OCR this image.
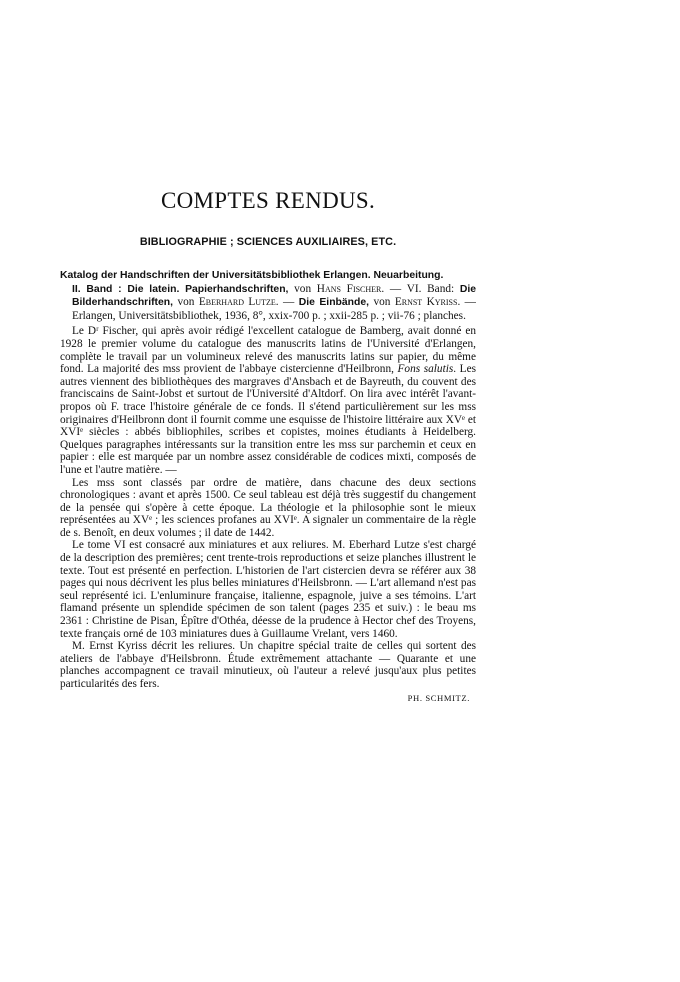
COMPTES RENDUS.
BIBLIOGRAPHIE ; SCIENCES AUXILIAIRES, ETC.

Katalog der Handschriften der Universitätsbibliothek Erlangen. Neuarbeitung.
II. Band : Die latein. Papierhandschriften, von Hans Fischer. — VI. Band: Die Bilderhandschriften, von Eberhard Lutze. — Die Einbände, von Ernst Kyriss. — Erlangen, Universitätsbibliothek, 1936, 8°, xxix-700 p. ; xxii-285 p. ; vii-76 ; planches.

Le Dʳ Fischer, qui après avoir rédigé l'excellent catalogue de Bamberg, avait donné en 1928 le premier volume du catalogue des manuscrits latins de l'Université d'Erlangen, complète le travail par un volumineux relevé des manuscrits latins sur papier, du même fond. La majorité des mss provient de l'abbaye cistercienne d'Heilbronn, Fons salutis. Les autres viennent des bibliothèques des margraves d'Ansbach et de Bayreuth, du couvent des franciscains de Saint-Jobst et surtout de l'Université d'Altdorf. On lira avec intérêt l'avant-propos où F. trace l'histoire générale de ce fonds. Il s'étend particulièrement sur les mss originaires d'Heilbronn dont il fournit comme une esquisse de l'histoire littéraire aux XVᵉ et XVIᵉ siècles : abbés bibliophiles, scribes et copistes, moines étudiants à Heidelberg. Quelques paragraphes intéressants sur la transition entre les mss sur parchemin et ceux en papier : elle est marquée par un nombre assez considérable de codices mixti, composés de l'une et l'autre matière. —

Les mss sont classés par ordre de matière, dans chacune des deux sections chronologiques : avant et après 1500. Ce seul tableau est déjà très suggestif du changement de la pensée qui s'opère à cette époque. La théologie et la philosophie sont le mieux représentées au XVᵉ ; les sciences profanes au XVIᵉ. A signaler un commentaire de la règle de s. Benoît, en deux volumes ; il date de 1442.

Le tome VI est consacré aux miniatures et aux reliures. M. Eberhard Lutze s'est chargé de la description des premières; cent trente-trois reproductions et seize planches illustrent le texte. Tout est présenté en perfection. L'historien de l'art cistercien devra se référer aux 38 pages qui nous décrivent les plus belles miniatures d'Heilsbronn. — L'art allemand n'est pas seul représenté ici. L'enluminure française, italienne, espagnole, juive a ses témoins. L'art flamand présente un splendide spécimen de son talent (pages 235 et suiv.) : le beau ms 2361 : Christine de Pisan, Épître d'Othéa, déesse de la prudence à Hector chef des Troyens, texte français orné de 103 miniatures dues à Guillaume Vrelant, vers 1460.

M. Ernst Kyriss décrit les reliures. Un chapitre spécial traite de celles qui sortent des ateliers de l'abbaye d'Heilsbronn. Étude extrêmement attachante — Quarante et une planches accompagnent ce travail minutieux, où l'auteur a relevé jusqu'aux plus petites particularités des fers.

PH. SCHMITZ.
